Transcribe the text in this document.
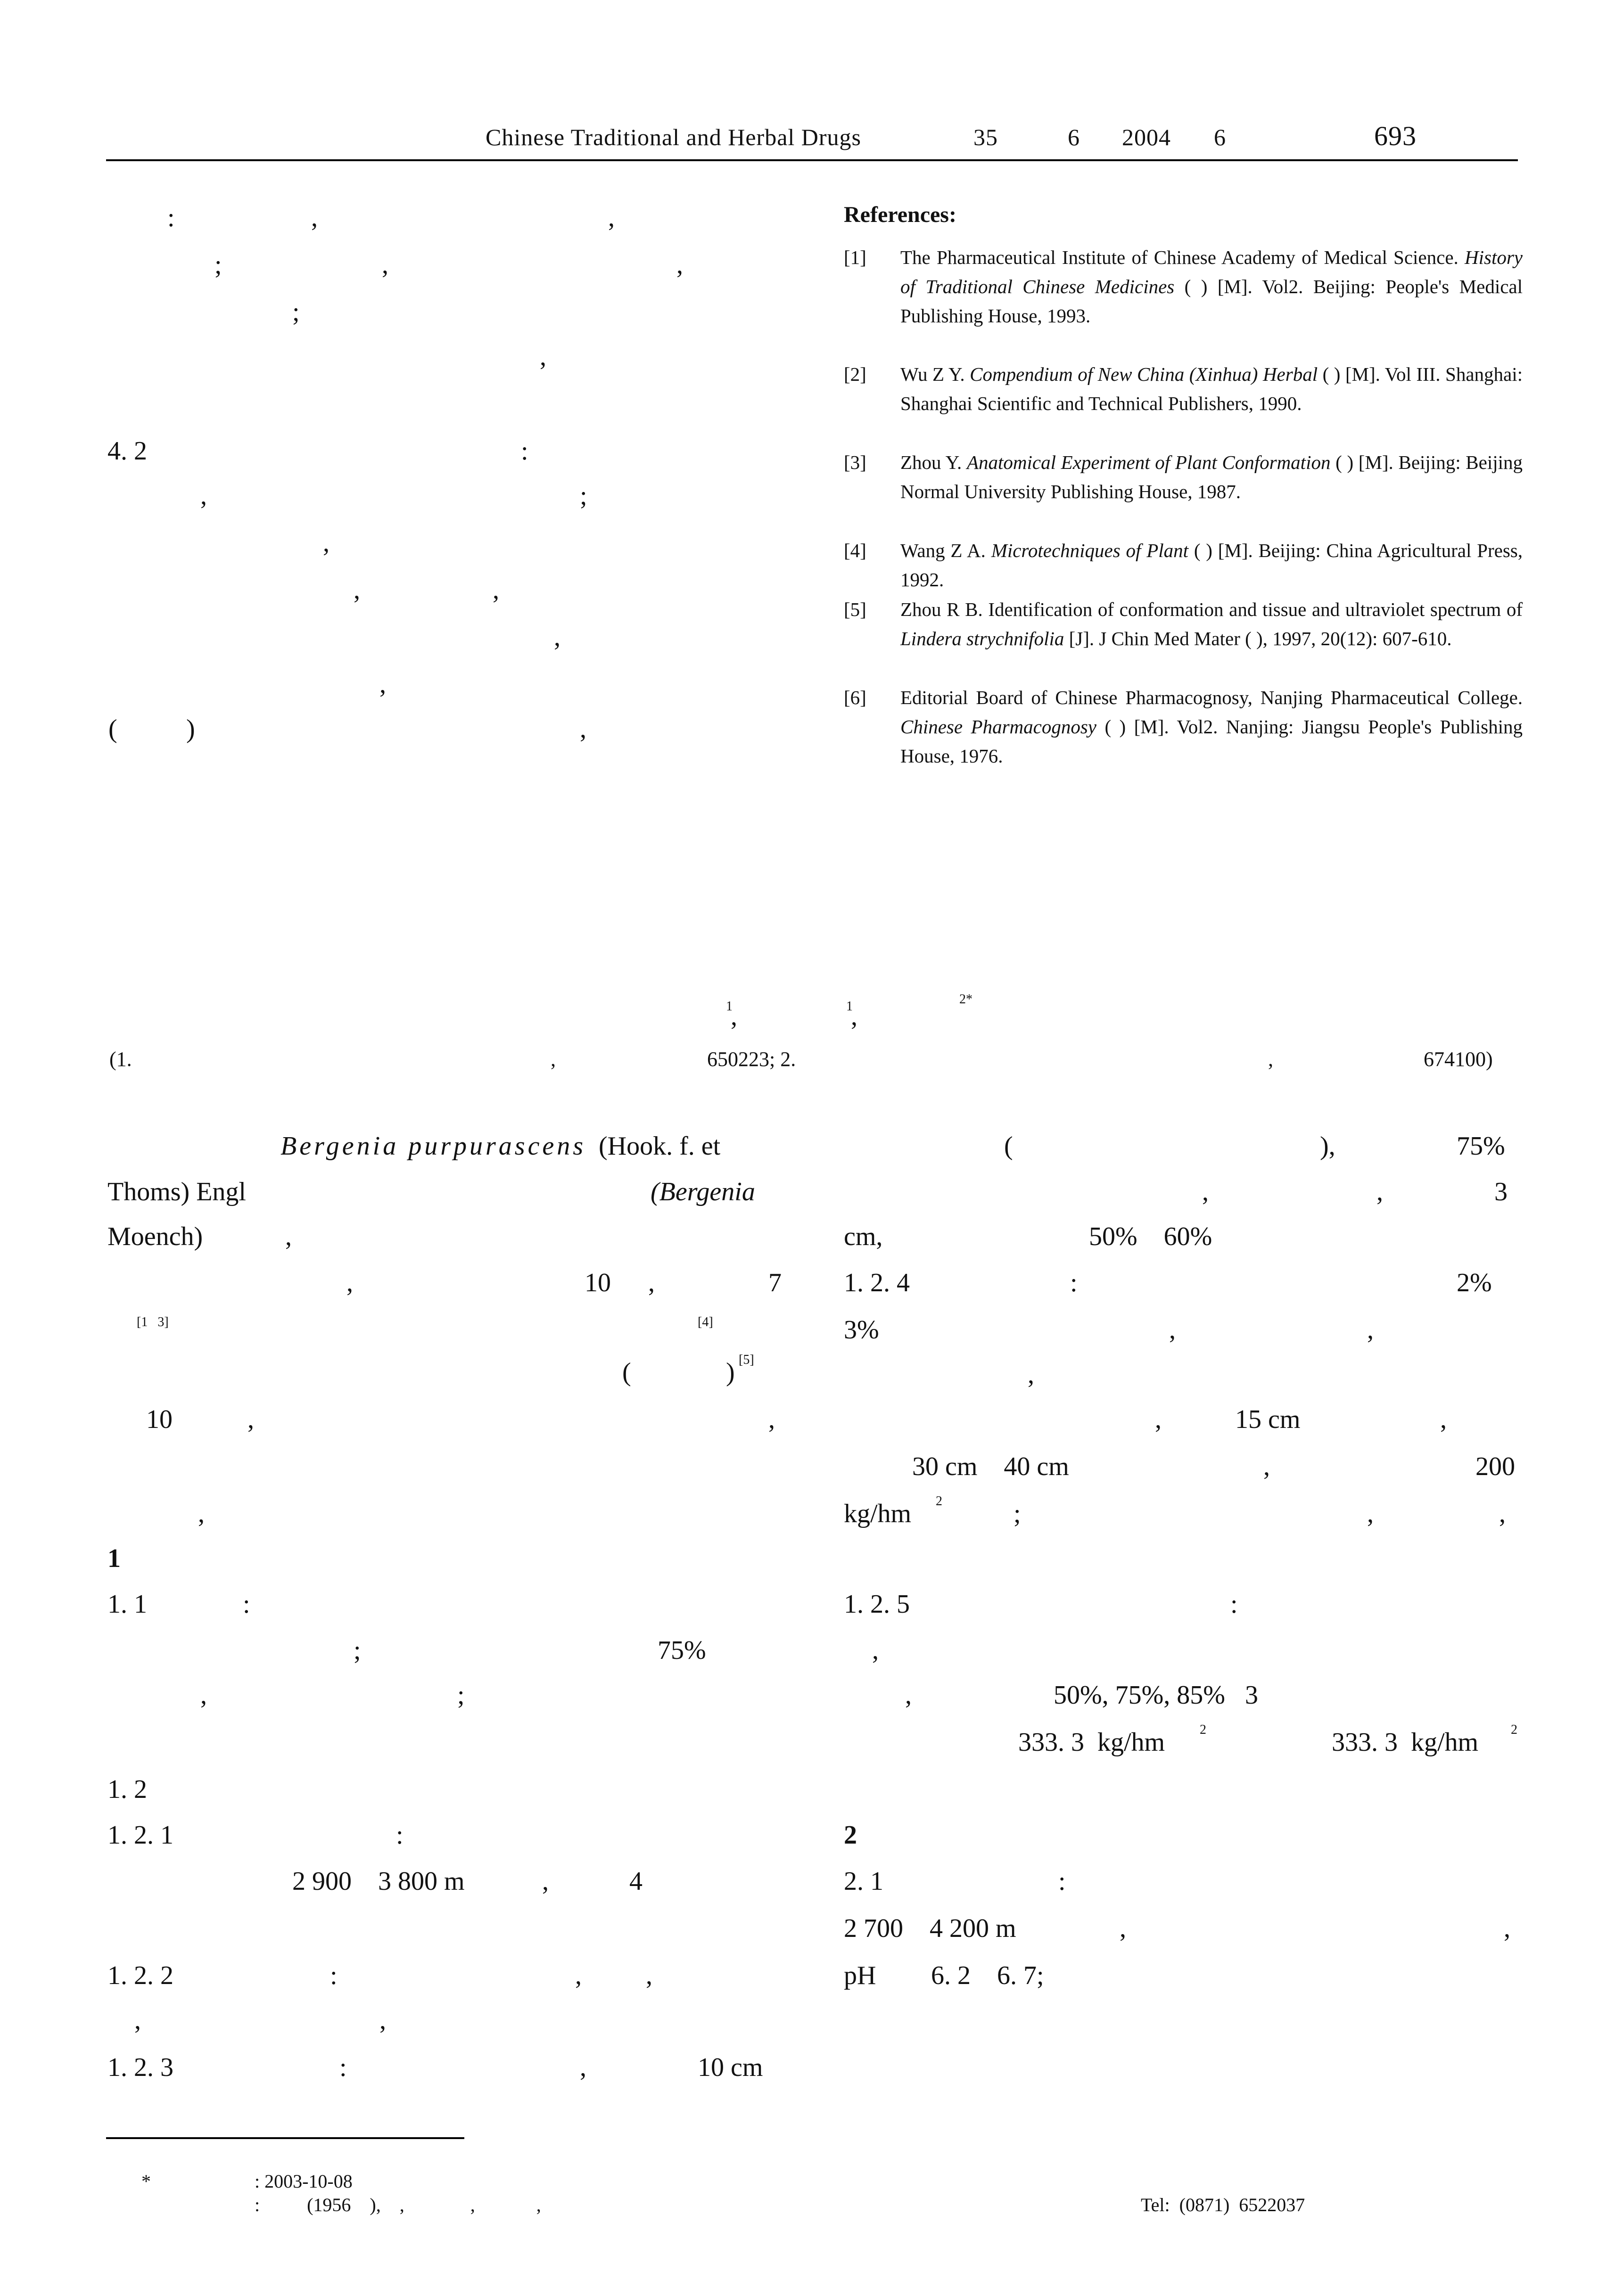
Chinese Traditional and Herbal Drugs	35	6 2004 6	693
:	,	,
;	,	,
;
,
4. 2	:
,	;
,
,	,
,
,
(	)	,
References:
[1] The Pharmaceutical Institute of Chinese Academy of Medical Science. History of Traditional Chinese Medicines ( ) [M]. Vol2. Beijing: People's Medical Publishing House, 1993.
[2] Wu Z Y. Compendium of New China (Xinhua) Herbal ( ) [M]. Vol III. Shanghai: Shanghai Scientific and Technical Publishers, 1990.
[3] Zhou Y. Anatomical Experiment of Plant Conformation ( ) [M]. Beijing: Beijing Normal University Publishing House, 1987.
[4] Wang Z A. Microtechniques of Plant ( ) [M]. Beijing: China Agricultural Press, 1992.
[5] Zhou R B. Identification of conformation and tissue and ultraviolet spectrum of Lindera strychnifolia [J]. J Chin Med Mater ( ), 1997, 20(12): 607-610.
[6] Editorial Board of Chinese Pharmacognosy, Nanjing Pharmaceutical College. Chinese Pharmacognosy ( ) [M]. Vol2. Nanjing: Jiangsu People's Publishing House, 1976.
1
,	1
,
2*
(1.	,	650223; 2.	,	674100)
Bergenia purpurascens (Hook. f. et
Thoms) Engl	(Bergenia
Moench)	,
,	10 ,	7
[1   3]	[4]
(	) [5]
10	,	,
,
1
1. 1	:
;	75%
,	;
1. 2
1. 2. 1	:
2 900    3 800 m	,	4
1. 2. 2	:	, ,
,	,
1. 2. 3	:	,	10 cm
(	),	75%
,	,	3
cm,	50%    60%
1. 2. 4	:	2%
3%	,	,
,
,	15 cm	,
30 cm    40 cm	,	200
kg/hm 2	;	,	,
1. 2. 5	:
,
,	50%, 75%, 85%   3
333. 3  kg/hm	2	333. 3  kg/hm 2
2
2. 1	:
2 700    4 200 m	,	,
pH 6. 2    6. 7;
*	: 2003-10-08
:          (1956    ),    ,              ,             ,	Tel:  (0871)  6522037
